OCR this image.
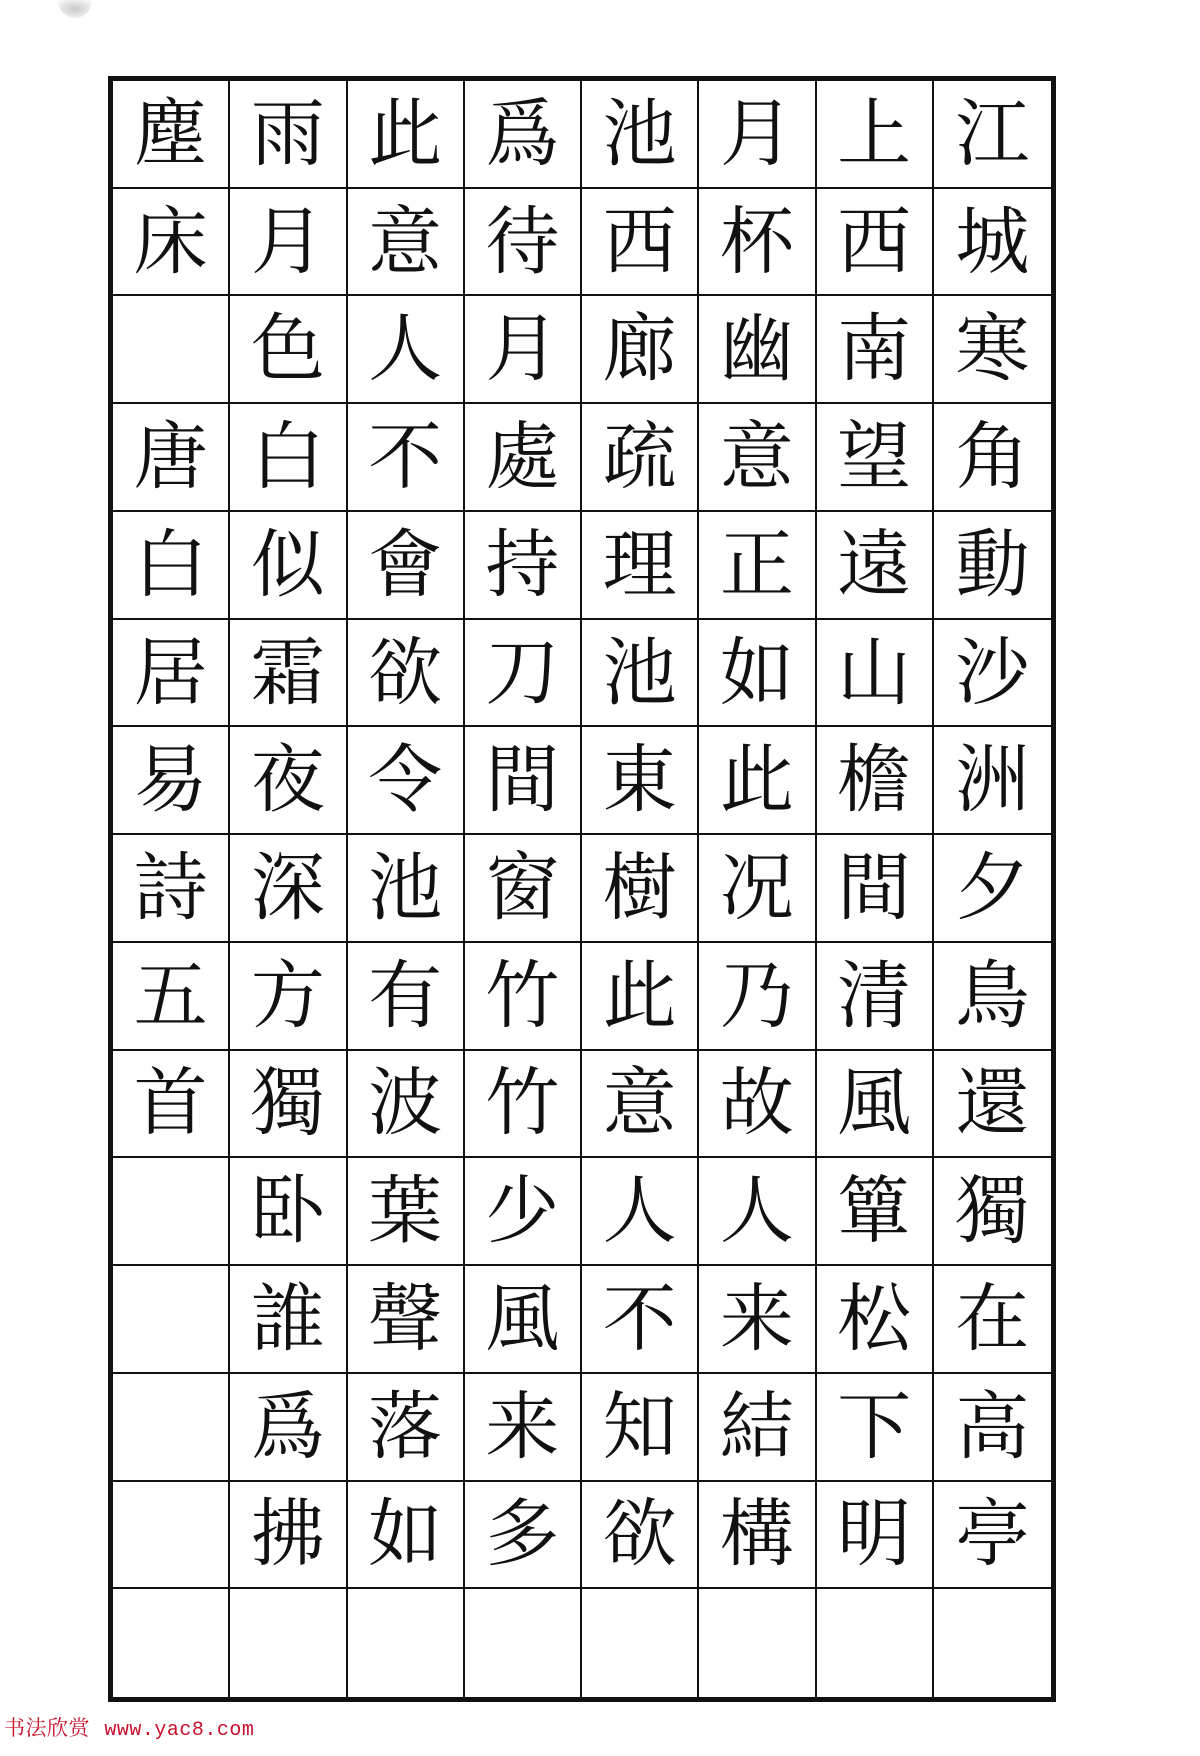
塵 雨 此 爲 池 月 上 江
床 月 意 待 西 杯 西 城
色 人 月 廊 幽 南 寒
唐 白 不 處 疏 意 望 角
白 似 會 持 理 正 遠 動
居 霜 欲 刀 池 如 山 沙
易 夜 令 間 東 此 檐 洲
詩 深 池 窗 樹 况 間 夕
五 方 有 竹 此 乃 清 鳥
首 獨 波 竹 意 故 風 還
卧 葉 少 人 人 簞 獨
誰 聲 風 不 来 松 在
爲 落 来 知 結 下 高
拂 如 多 欲 構 明 亭
书法欣赏 www.yac8.com
